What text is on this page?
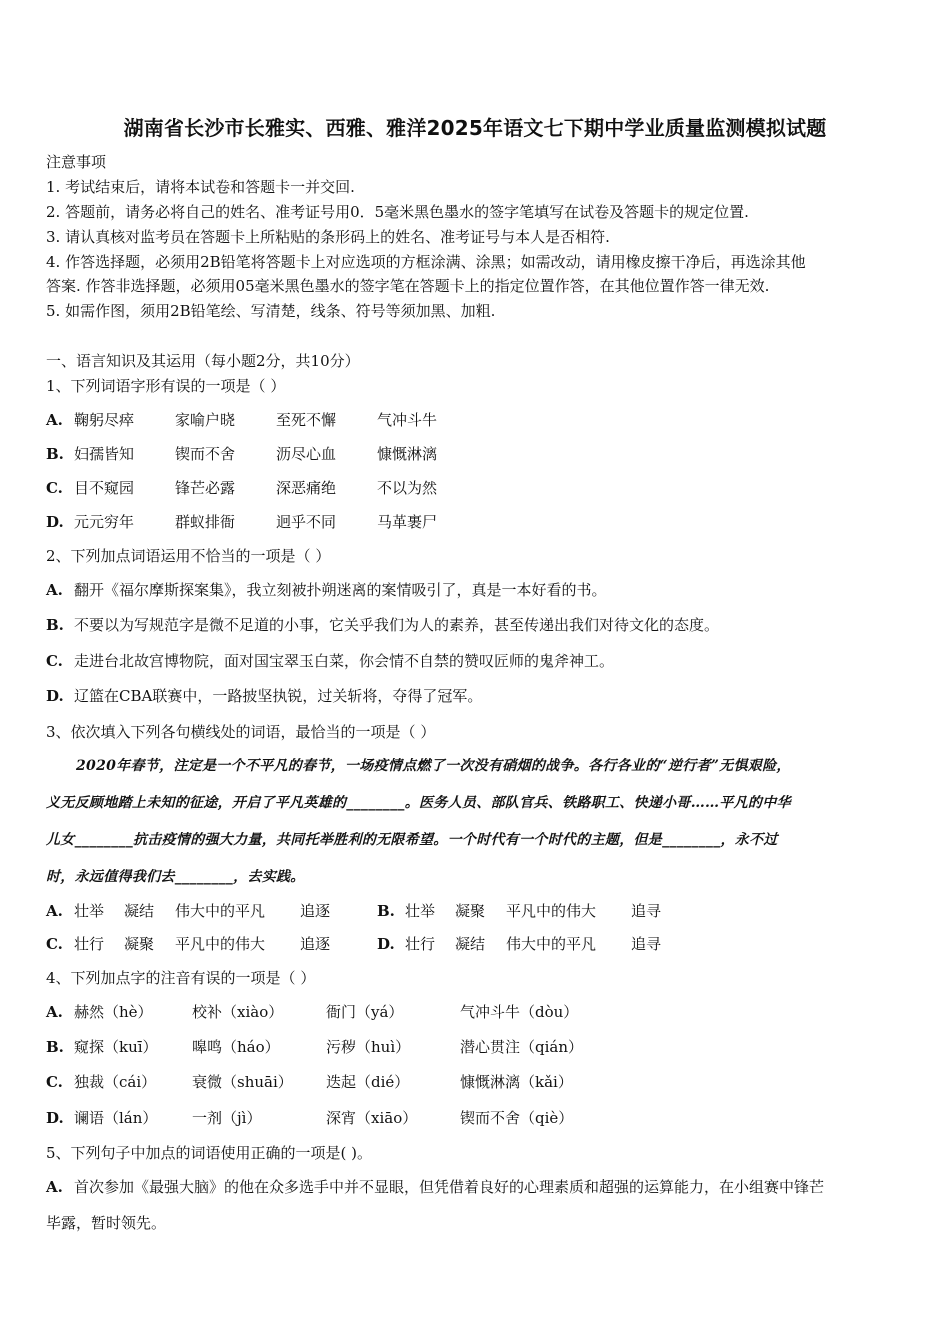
湖南省长沙市长雅实、西雅、雅洋2025年语文七下期中学业质量监测模拟试题
注意事项
1. 考试结束后，请将本试卷和答题卡一并交回.
2. 答题前，请务必将自己的姓名、准考证号用0．5毫米黑色墨水的签字笔填写在试卷及答题卡的规定位置.
3. 请认真核对监考员在答题卡上所粘贴的条形码上的姓名、准考证号与本人是否相符.
4. 作答选择题，必须用2B铅笔将答题卡上对应选项的方框涂满、涂黑；如需改动，请用橡皮擦干净后，再选涂其他
答案. 作答非选择题，必须用05毫米黑色墨水的签字笔在答题卡上的指定位置作答，在其他位置作答一律无效.
5. 如需作图，须用2B铅笔绘、写清楚，线条、符号等须加黑、加粗.
一、语言知识及其运用（每小题2分，共10分）
1、下列词语字形有误的一项是（ ）
A. 鞠躬尽瘁	家喻户晓	至死不懈	气冲斗牛
B. 妇孺皆知	锲而不舍	沥尽心血	慷慨淋漓
C. 目不窥园	锋芒必露	深恶痛绝	不以为然
D. 元元穷年	群蚁排衙	迥乎不同	马革裹尸
2、下列加点词语运用不恰当的一项是（ ）
A. 翻开《福尔摩斯探案集》，我立刻被扑朔迷离的案情吸引了，真是一本好看的书。
B. 不要以为写规范字是微不足道的小事，它关乎我们为人的素养，甚至传递出我们对待文化的态度。
C. 走进台北故宫博物院，面对国宝翠玉白菜，你会情不自禁的赞叹匠师的鬼斧神工。
D. 辽篮在CBA联赛中，一路披坚执锐，过关斩将，夺得了冠军。
3、依次填入下列各句横线处的词语，最恰当的一项是（ ）
2020年春节，注定是一个不平凡的春节，一场疫情点燃了一次没有硝烟的战争。各行各业的“逆行者”无惧艰险，
义无反顾地踏上未知的征途，开启了平凡英雄的________。医务人员、部队官兵、铁路职工、快递小哥……平凡的中华
儿女________抗击疫情的强大力量，共同托举胜利的无限希望。一个时代有一个时代的主题，但是________，永不过
时，永远值得我们去________，去实践。
A. 壮举 凝结 伟大中的平凡 追逐	B. 壮举 凝聚 平凡中的伟大 追寻
C. 壮行 凝聚 平凡中的伟大 追逐	D. 壮行 凝结 伟大中的平凡 追寻
4、下列加点字的注音有误的一项是（ ）
A. 赫然（hè）	校补（xiào）	衙门（yá）	气冲斗牛（dòu）
B. 窥探（kuī） 嗥鸣（háo）	污秽（huì）	潜心贯注（qián）
C. 独裁（cái） 衰微（shuāi） 迭起（dié）	慷慨淋漓（kǎi）
D. 谰语（lán） 一剂（jì）	深宵（xiāo）	锲而不舍（qiè）
5、下列句子中加点的词语使用正确的一项是( )。
A. 首次参加《最强大脑》的他在众多选手中并不显眼，但凭借着良好的心理素质和超强的运算能力，在小组赛中锋芒
毕露，暂时领先。
